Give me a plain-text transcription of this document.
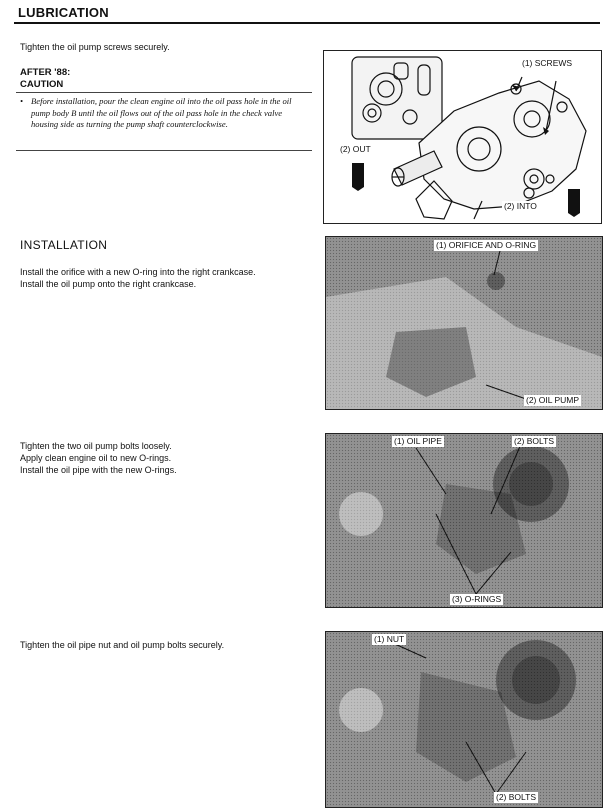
LUBRICATION
Tighten the oil pump screws securely.
AFTER '88:
CAUTION
• Before installation, pour the clean engine oil into the oil pass hole in the oil pump body B until the oil flows out of the oil pass hole in the check valve housing side as turning the pump shaft counterclockwise.
(1) SCREWS
(2) OUT
(2) INTO
INSTALLATION
Install the orifice with a new O-ring into the right crankcase.
Install the oil pump onto the right crankcase.
(1) ORIFICE AND O-RING
(2) OIL PUMP
Tighten the two oil pump bolts loosely.
Apply clean engine oil to new O-rings.
Install the oil pipe with the new O-rings.
(1) OIL PIPE	(2) BOLTS
(3) O-RINGS
Tighten the oil pipe nut and oil pump bolts securely.
(1) NUT
(2) BOLTS
